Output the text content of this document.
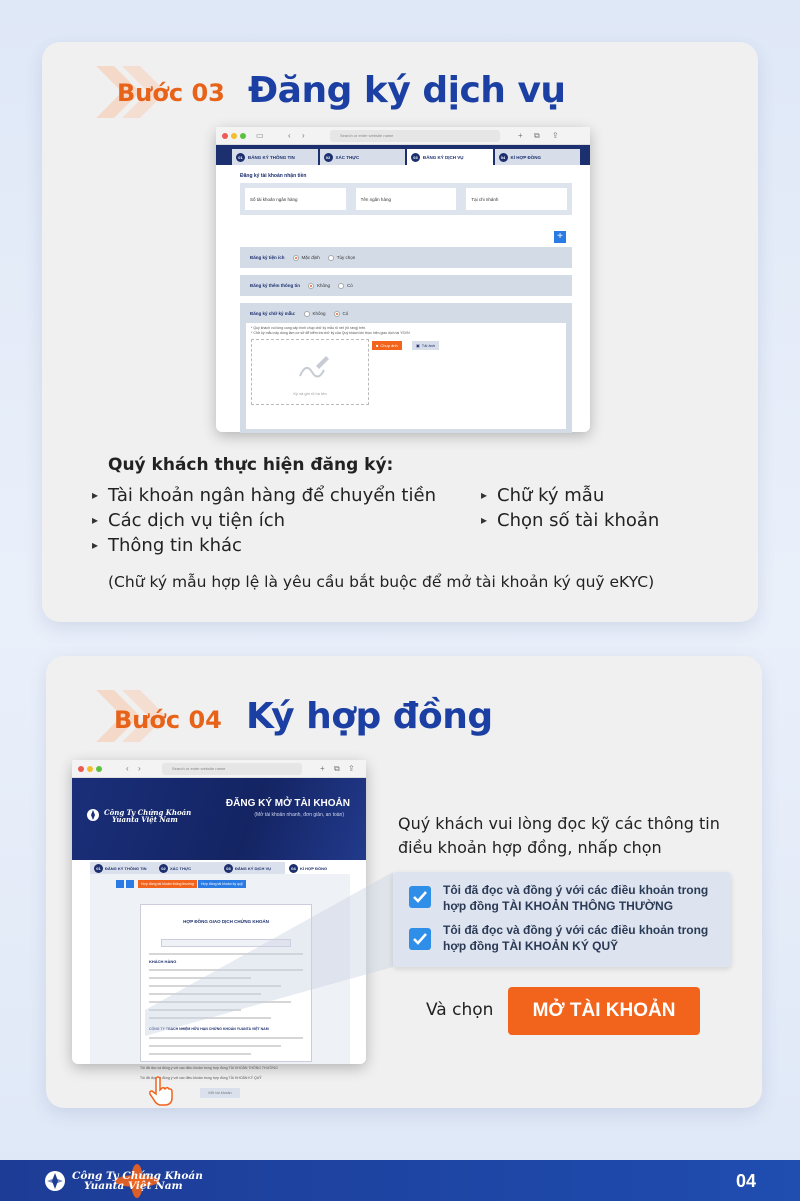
Bước 03 Đăng ký dịch vụ
▭	‹ ›	Search or enter website name	+ ⧉ ⇪
01	ĐĂNG KÝ THÔNG TIN	02	XÁC THỰC	03	ĐĂNG KÝ DỊCH VỤ	04	KÍ HỢP ĐỒNG
Đăng ký tài khoản nhận tiền
Số tài khoản ngân hàng	Tên ngân hàng	Tại chi nhánh
+
Đăng ký tiện ích	Mặc định	Tùy chọn
Đăng ký thêm thông tin	Không	Có
Đăng ký chữ ký mẫu:	Không	Có
* Quý khách vui lòng cung cấp hình chụp chữ ký mẫu rõ nét (rõ ràng) trên.
* Chữ ký mẫu này dùng làm cơ sở để kiểm tra chữ ký của Quý khách khi thực hiện giao dịch tại YSVN
Ký và ghi rõ họ tên
■ Chụp ảnh	▣ Tải ảnh
Quý khách thực hiện đăng ký:
▸ Tài khoản ngân hàng để chuyển tiền
▸ Các dịch vụ tiện ích
▸ Thông tin khác
▸ Chữ ký mẫu
▸ Chọn số tài khoản
(Chữ ký mẫu hợp lệ là yêu cầu bắt buộc để mở tài khoản ký quỹ eKYC)
Bước 04 Ký hợp đồng
‹ ›	Search or enter website name	+ ⧉ ⇪
Công Ty Chứng Khoán
Yuanta Việt Nam
ĐĂNG KÝ MỞ TÀI KHOẢN
(Mở tài khoản nhanh, đơn giản, an toàn)
01	ĐĂNG KÝ THÔNG TIN	02	XÁC THỰC	03	ĐĂNG KÝ DỊCH VỤ	04	KÍ HỢP ĐỒNG
Hợp đồng tài khoản thông thường	Hợp đồng tài khoản ký quỹ
HỢP ĐỒNG GIAO DỊCH CHỨNG KHOÁN
KHÁCH HÀNG
CÔNG TY TRÁCH NHIỆM HỮU HẠN CHỨNG KHOÁN YUANTA VIỆT NAM
Tôi đã đọc và đồng ý với các điều khoản trong hợp đồng TÀI KHOẢN THÔNG THƯỜNG
Tôi đã đọc và đồng ý với các điều khoản trong hợp đồng TÀI KHOẢN KÝ QUỸ
Mở tài khoản
Quý khách vui lòng đọc kỹ các thông tin điều khoản hợp đồng, nhấp chọn
Tôi đã đọc và đồng ý với các điều khoản trong
hợp đồng TÀI KHOẢN THÔNG THƯỜNG
Tôi đã đọc và đồng ý với các điều khoản trong
hợp đồng TÀI KHOẢN KÝ QUỸ
Và chọn	MỞ TÀI KHOẢN
Công Ty Chứng Khoán
Yuanta Việt Nam	04
